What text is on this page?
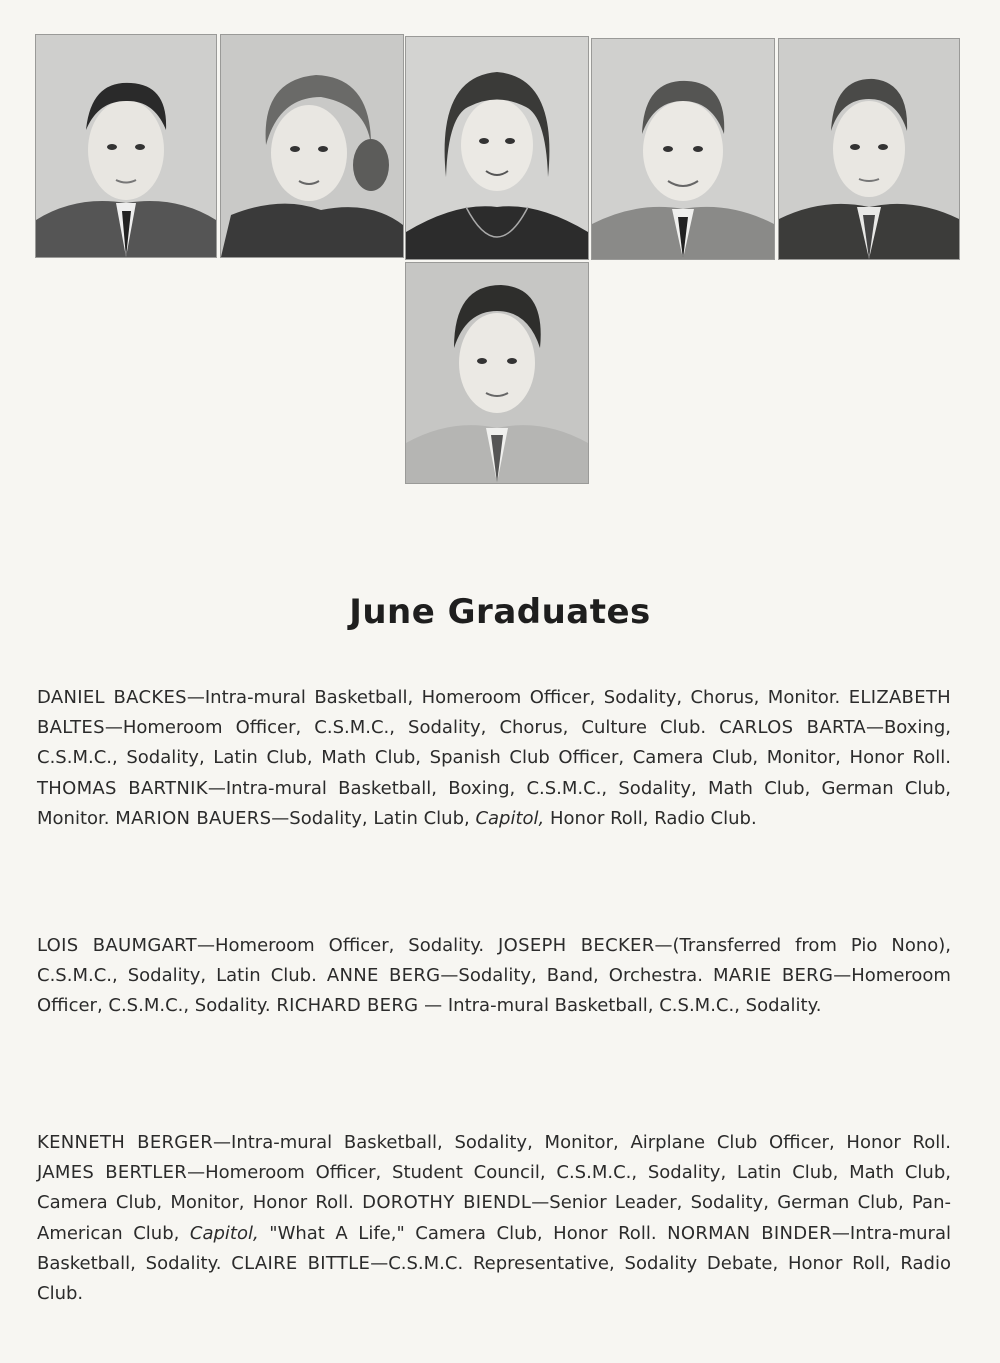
June Graduates

DANIEL BACKES—Intra-mural Basketball, Homeroom Officer, Sodality, Chorus, Monitor. ELIZABETH BALTES—Homeroom Officer, C.S.M.C., Sodality, Chorus, Culture Club. CARLOS BARTA—Boxing, C.S.M.C., Sodality, Latin Club, Math Club, Spanish Club Officer, Camera Club, Monitor, Honor Roll. THOMAS BARTNIK—Intra-mural Basketball, Boxing, C.S.M.C., Sodality, Math Club, German Club, Monitor. MARION BAUERS—Sodality, Latin Club, Capitol, Honor Roll, Radio Club.

LOIS BAUMGART—Homeroom Officer, Sodality. JOSEPH BECKER—(Transferred from Pio Nono), C.S.M.C., Sodality, Latin Club. ANNE BERG—Sodality, Band, Orchestra. MARIE BERG—Homeroom Officer, C.S.M.C., Sodality. RICHARD BERG — Intra-mural Basketball, C.S.M.C., Sodality.

KENNETH BERGER—Intra-mural Basketball, Sodality, Monitor, Airplane Club Officer, Honor Roll. JAMES BERTLER—Homeroom Officer, Student Council, C.S.M.C., Sodality, Latin Club, Math Club, Camera Club, Monitor, Honor Roll. DOROTHY BIENDL—Senior Leader, Sodality, German Club, Pan-American Club, Capitol, "What A Life," Camera Club, Honor Roll. NORMAN BINDER—Intra-mural Basketball, Sodality. CLAIRE BITTLE—C.S.M.C. Representative, Sodality Debate, Honor Roll, Radio Club.
